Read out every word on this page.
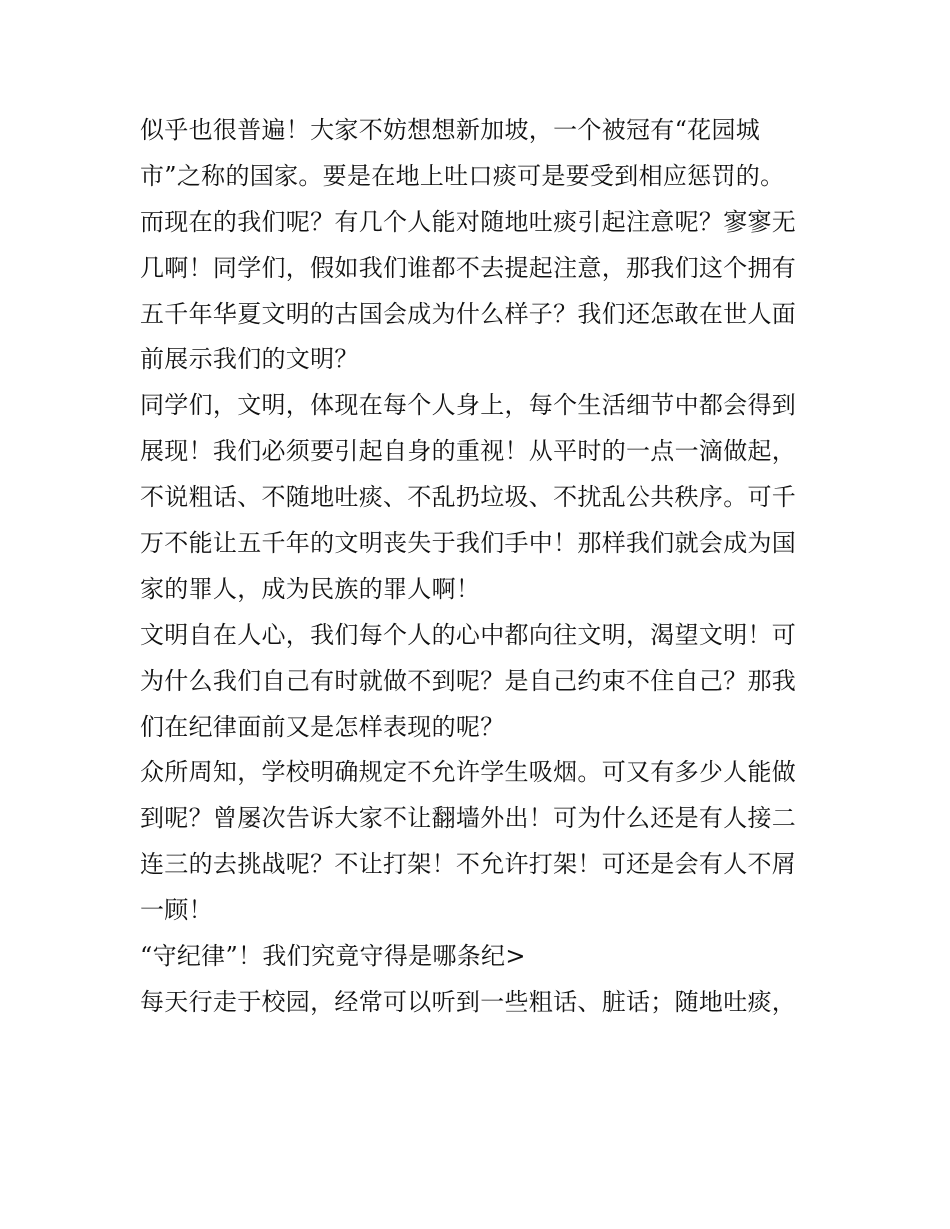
似乎也很普遍！大家不妨想想新加坡，一个被冠有“花园城
市”之称的国家。要是在地上吐口痰可是要受到相应惩罚的。
而现在的我们呢？有几个人能对随地吐痰引起注意呢？寥寥无
几啊！同学们，假如我们谁都不去提起注意，那我们这个拥有
五千年华夏文明的古国会成为什么样子？我们还怎敢在世人面
前展示我们的文明？
同学们，文明，体现在每个人身上，每个生活细节中都会得到
展现！我们必须要引起自身的重视！从平时的一点一滴做起，
不说粗话、不随地吐痰、不乱扔垃圾、不扰乱公共秩序。可千
万不能让五千年的文明丧失于我们手中！那样我们就会成为国
家的罪人，成为民族的罪人啊！
文明自在人心，我们每个人的心中都向往文明，渴望文明！可
为什么我们自己有时就做不到呢？是自己约束不住自己？那我
们在纪律面前又是怎样表现的呢？
众所周知，学校明确规定不允许学生吸烟。可又有多少人能做
到呢？曾屡次告诉大家不让翻墙外出！可为什么还是有人接二
连三的去挑战呢？不让打架！不允许打架！可还是会有人不屑
一顾！
“守纪律”！我们究竟守得是哪条纪>
每天行走于校园，经常可以听到一些粗话、脏话；随地吐痰，
